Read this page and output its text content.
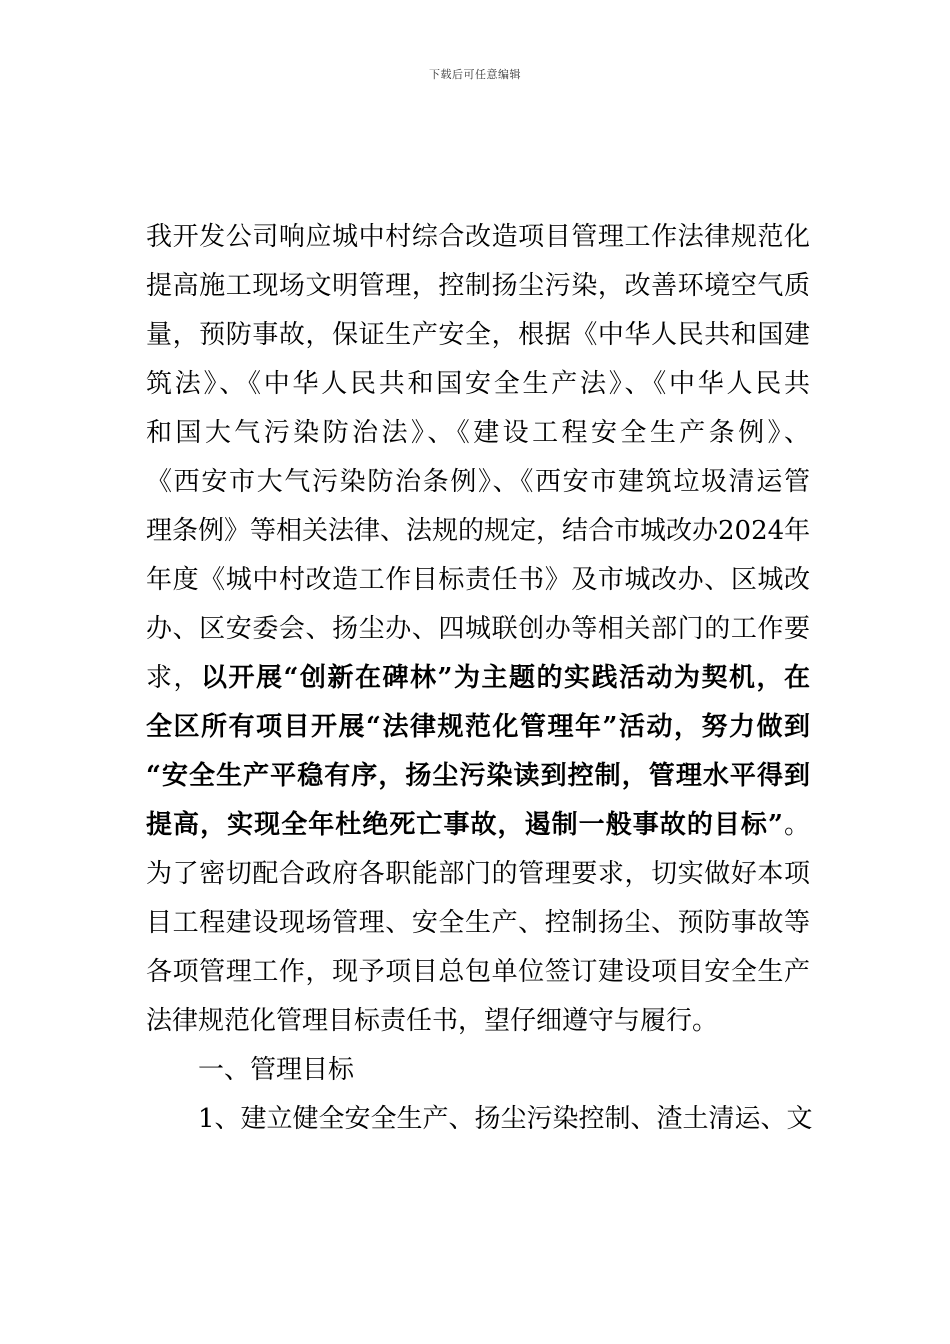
下载后可任意编辑
我开发公司响应城中村综合改造项目管理工作法律规范化
提高施工现场文明管理，控制扬尘污染，改善环境空气质
量，预防事故，保证生产安全，根据《中华人民共和国建
筑法》、《中华人民共和国安全生产法》、《中华人民共
和国大气污染防治法》、《建设工程安全生产条例》、
《西安市大气污染防治条例》、《西安市建筑垃圾清运管
理条例》等相关法律、法规的规定，结合市城改办2024年
年度《城中村改造工作目标责任书》及市城改办、区城改
办、区安委会、扬尘办、四城联创办等相关部门的工作要
求，以开展“创新在碑林”为主题的实践活动为契机，在
全区所有项目开展“法律规范化管理年”活动，努力做到
“安全生产平稳有序，扬尘污染读到控制，管理水平得到
提高，实现全年杜绝死亡事故，遏制一般事故的目标”。
为了密切配合政府各职能部门的管理要求，切实做好本项
目工程建设现场管理、安全生产、控制扬尘、预防事故等
各项管理工作，现予项目总包单位签订建设项目安全生产
法律规范化管理目标责任书，望仔细遵守与履行。
一、管理目标
1、建立健全安全生产、扬尘污染控制、渣土清运、文
